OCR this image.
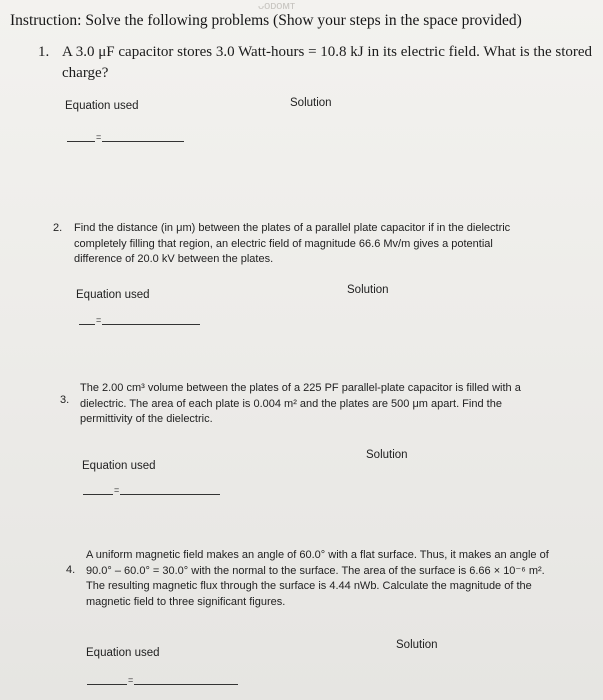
ᴗᴏᴅᴏᴍᴛ
Instruction: Solve the following problems (Show your steps in the space provided)
1. A 3.0 μF capacitor stores 3.0 Watt-hours = 10.8 kJ in its electric field. What is the stored
charge?
Equation used	Solution
=
2. Find the distance (in μm) between the plates of a parallel plate capacitor if in the dielectric
completely filling that region, an electric field of magnitude 66.6 Mv/m gives a potential
difference of 20.0 kV between the plates.
Equation used	Solution
=
3.
The 2.00 cm³ volume between the plates of a 225 PF parallel-plate capacitor is filled with a
dielectric. The area of each plate is 0.004 m² and the plates are 500 μm apart. Find the
permittivity of the dielectric.
Equation used
Solution
=
4.
A uniform magnetic field makes an angle of 60.0° with a flat surface. Thus, it makes an angle of
90.0° – 60.0° = 30.0° with the normal to the surface. The area of the surface is 6.66 × 10⁻⁶ m².
The resulting magnetic flux through the surface is 4.44 nWb. Calculate the magnitude of the
magnetic field to three significant figures.
Equation used
Solution
=
